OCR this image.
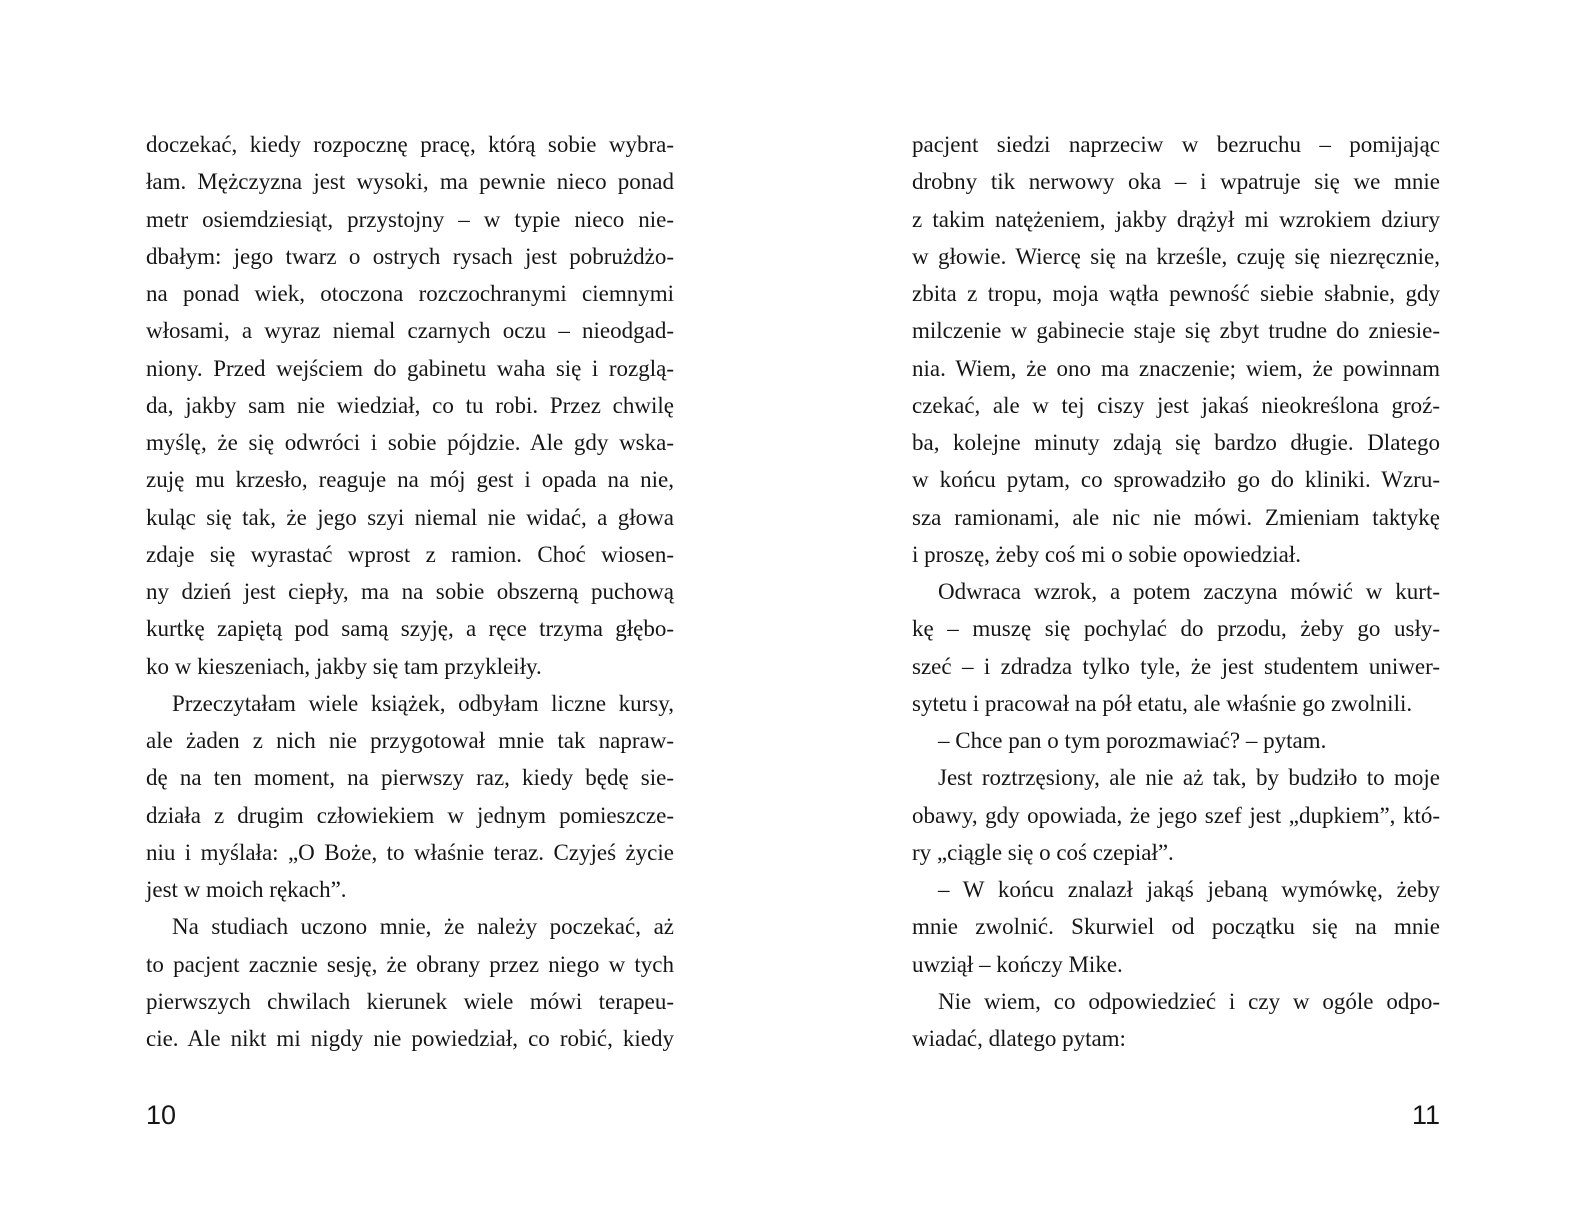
doczekać, kiedy rozpocznę pracę, którą sobie wybra-
łam. Mężczyzna jest wysoki, ma pewnie nieco ponad
metr osiemdziesiąt, przystojny – w typie nieco nie-
dbałym: jego twarz o ostrych rysach jest pobrużdżo-
na ponad wiek, otoczona rozczochranymi ciemnymi
włosami, a wyraz niemal czarnych oczu – nieodgad-
niony. Przed wejściem do gabinetu waha się i rozglą-
da, jakby sam nie wiedział, co tu robi. Przez chwilę
myślę, że się odwróci i sobie pójdzie. Ale gdy wska-
zuję mu krzesło, reaguje na mój gest i opada na nie,
kuląc się tak, że jego szyi niemal nie widać, a głowa
zdaje się wyrastać wprost z ramion. Choć wiosen-
ny dzień jest ciepły, ma na sobie obszerną puchową
kurtkę zapiętą pod samą szyję, a ręce trzyma głębo-
ko w kieszeniach, jakby się tam przykleiły.
Przeczytałam wiele książek, odbyłam liczne kursy,
ale żaden z nich nie przygotował mnie tak napraw-
dę na ten moment, na pierwszy raz, kiedy będę sie-
działa z drugim człowiekiem w jednym pomieszcze-
niu i myślała: „O Boże, to właśnie teraz. Czyjeś życie
jest w moich rękach”.
Na studiach uczono mnie, że należy poczekać, aż
to pacjent zacznie sesję, że obrany przez niego w tych
pierwszych chwilach kierunek wiele mówi terapeu-
cie. Ale nikt mi nigdy nie powiedział, co robić, kiedy
10
pacjent siedzi naprzeciw w bezruchu – pomijając
drobny tik nerwowy oka – i wpatruje się we mnie
z takim natężeniem, jakby drążył mi wzrokiem dziury
w głowie. Wiercę się na krześle, czuję się niezręcznie,
zbita z tropu, moja wątła pewność siebie słabnie, gdy
milczenie w gabinecie staje się zbyt trudne do zniesie-
nia. Wiem, że ono ma znaczenie; wiem, że powinnam
czekać, ale w tej ciszy jest jakaś nieokreślona groź-
ba, kolejne minuty zdają się bardzo długie. Dlatego
w końcu pytam, co sprowadziło go do kliniki. Wzru-
sza ramionami, ale nic nie mówi. Zmieniam taktykę
i proszę, żeby coś mi o sobie opowiedział.
Odwraca wzrok, a potem zaczyna mówić w kurt-
kę – muszę się pochylać do przodu, żeby go usły-
szeć – i zdradza tylko tyle, że jest studentem uniwer-
sytetu i pracował na pół etatu, ale właśnie go zwolnili.
– Chce pan o tym porozmawiać? – pytam.
Jest roztrzęsiony, ale nie aż tak, by budziło to moje
obawy, gdy opowiada, że jego szef jest „dupkiem”, któ-
ry „ciągle się o coś czepiał”.
– W końcu znalazł jakąś jebaną wymówkę, żeby
mnie zwolnić. Skurwiel od początku się na mnie
uwziął – kończy Mike.
Nie wiem, co odpowiedzieć i czy w ogóle odpo-
wiadać, dlatego pytam:
11
